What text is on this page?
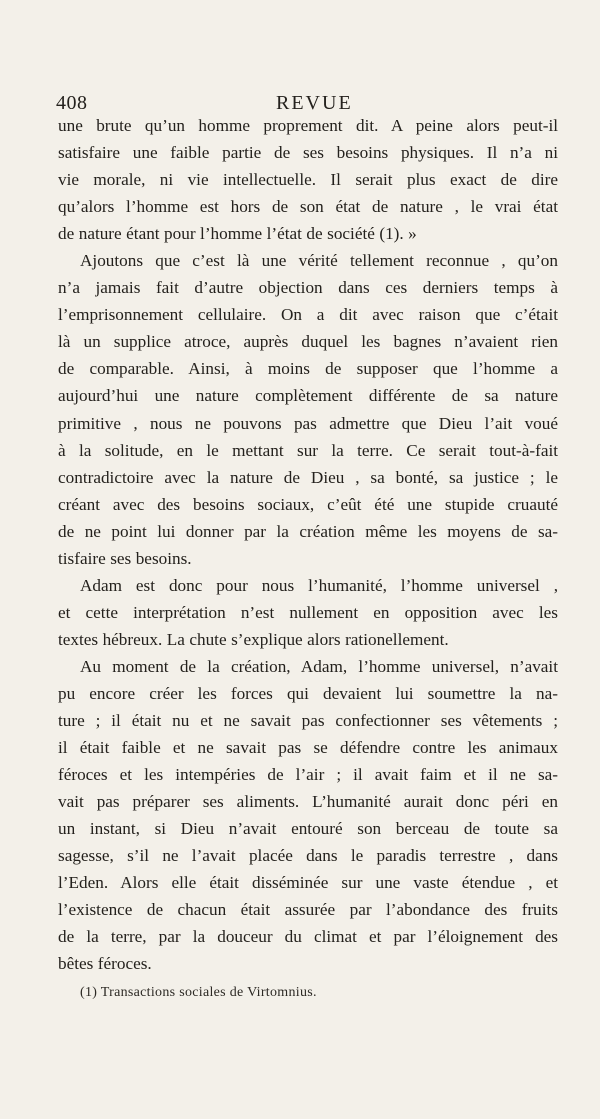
408	REVUE

une brute qu’un homme proprement dit. A peine alors peut-il
satisfaire une faible partie de ses besoins physiques. Il n’a ni
vie morale, ni vie intellectuelle. Il serait plus exact de dire
qu’alors l’homme est hors de son état de nature , le vrai état
de nature étant pour l’homme l’état de société (1). »

Ajoutons que c’est là une vérité tellement reconnue , qu’on
n’a jamais fait d’autre objection dans ces derniers temps à
l’emprisonnement cellulaire. On a dit avec raison que c’était
là un supplice atroce, auprès duquel les bagnes n’avaient rien
de comparable. Ainsi, à moins de supposer que l’homme a
aujourd’hui une nature complètement différente de sa nature
primitive , nous ne pouvons pas admettre que Dieu l’ait voué
à la solitude, en le mettant sur la terre. Ce serait tout-à-fait
contradictoire avec la nature de Dieu , sa bonté, sa justice ; le
créant avec des besoins sociaux, c’eût été une stupide cruauté
de ne point lui donner par la création même les moyens de sa-
tisfaire ses besoins.

Adam est donc pour nous l’humanité, l’homme universel ,
et cette interprétation n’est nullement en opposition avec les
textes hébreux. La chute s’explique alors rationellement.

Au moment de la création, Adam, l’homme universel, n’avait
pu encore créer les forces qui devaient lui soumettre la na-
ture ; il était nu et ne savait pas confectionner ses vêtements ;
il était faible et ne savait pas se défendre contre les animaux
féroces et les intempéries de l’air ; il avait faim et il ne sa-
vait pas préparer ses aliments. L’humanité aurait donc péri en
un instant, si Dieu n’avait entouré son berceau de toute sa
sagesse, s’il ne l’avait placée dans le paradis terrestre , dans
l’Eden. Alors elle était disséminée sur une vaste étendue , et
l’existence de chacun était assurée par l’abondance des fruits
de la terre, par la douceur du climat et par l’éloignement des
bêtes féroces.

(1) Transactions sociales de Virtomnius.
